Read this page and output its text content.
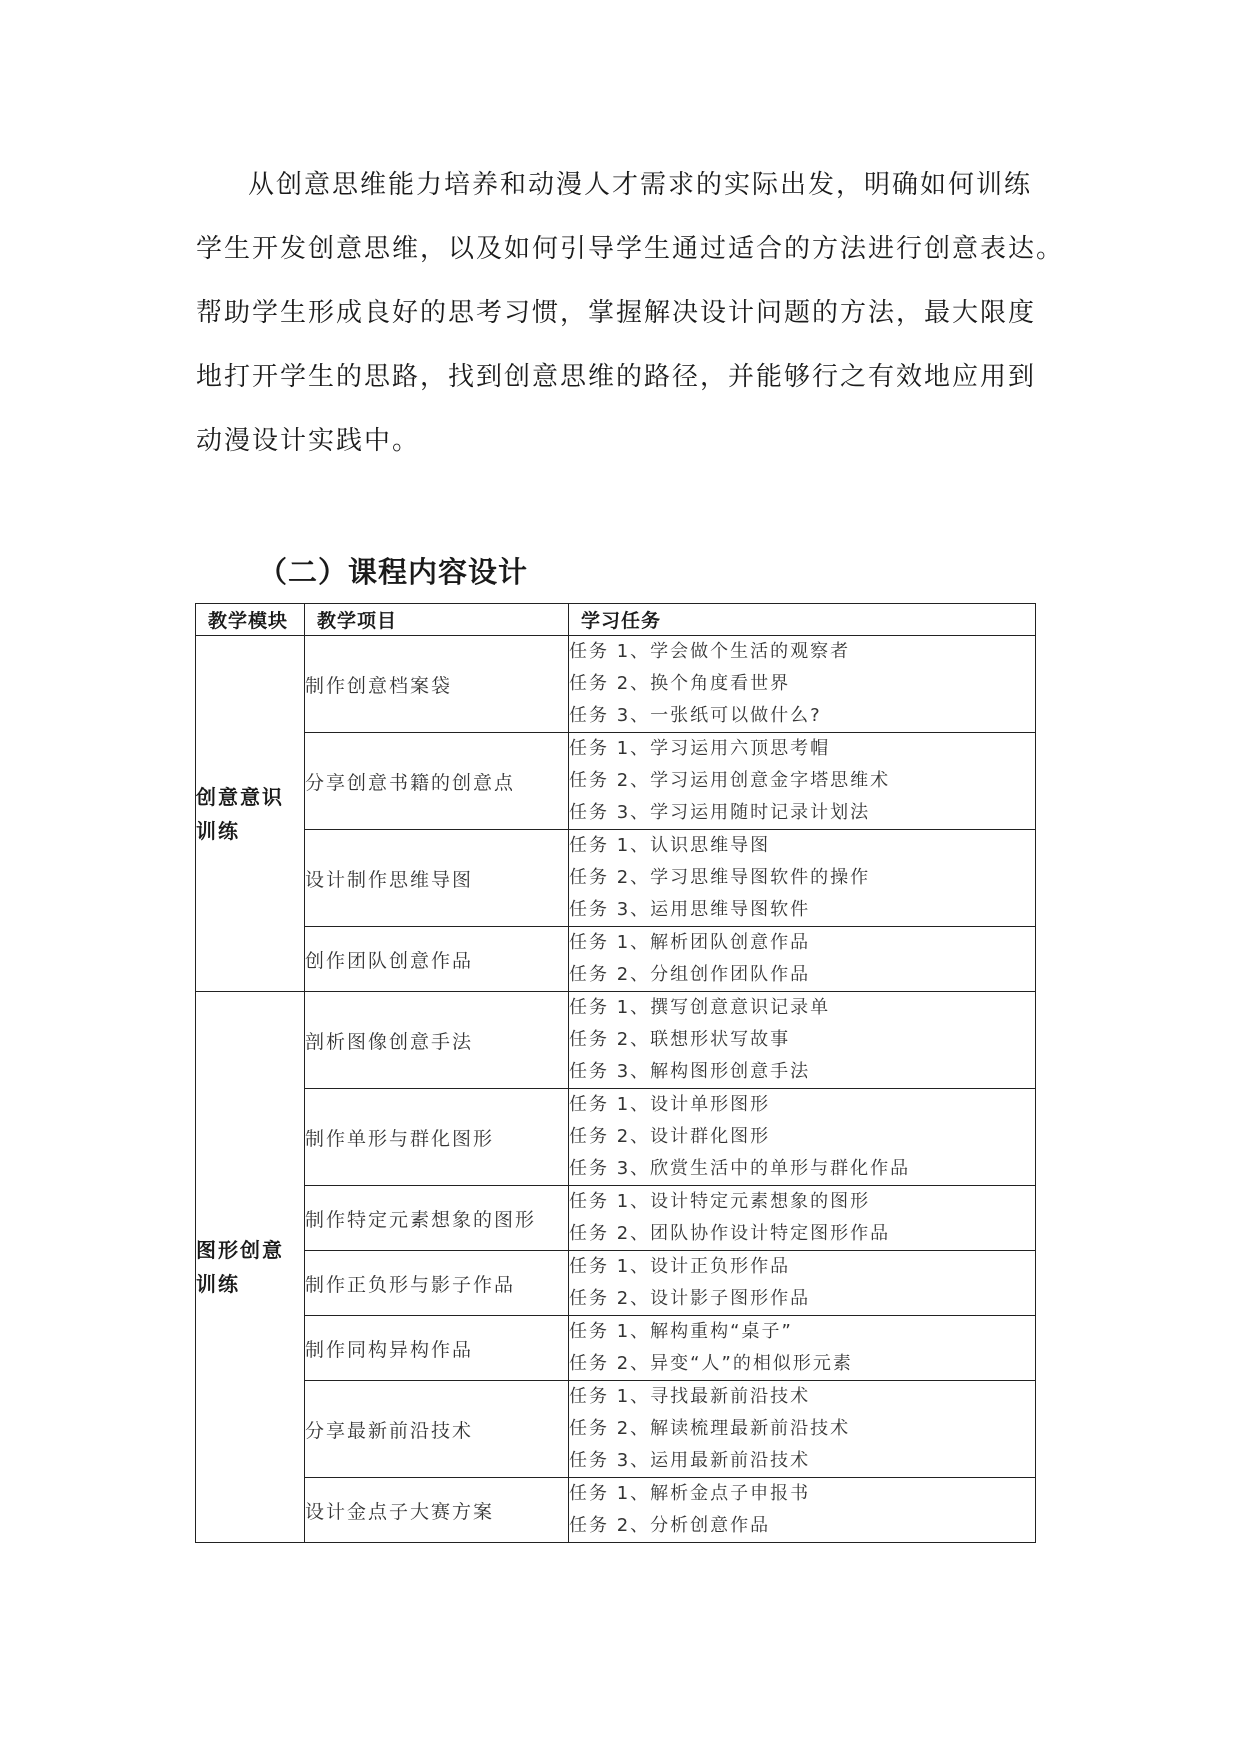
从创意思维能力培养和动漫人才需求的实际出发，明确如何训练
学生开发创意思维，以及如何引导学生通过适合的方法进行创意表达。
帮助学生形成良好的思考习惯，掌握解决设计问题的方法，最大限度
地打开学生的思路，找到创意思维的路径，并能够行之有效地应用到
动漫设计实践中。
（二）课程内容设计
教学模块	教学项目	学习任务
创意意识训练	制作创意档案袋	任务 1、学会做个生活的观察者
任务 2、换个角度看世界
任务 3、一张纸可以做什么?

	分享创意书籍的创意点	任务 1、学习运用六顶思考帽
任务 2、学习运用创意金字塔思维术
任务 3、学习运用随时记录计划法

	设计制作思维导图	任务 1、认识思维导图
任务 2、学习思维导图软件的操作
任务 3、运用思维导图软件

	创作团队创意作品	任务 1、解析团队创意作品
任务 2、分组创作团队作品

图形创意训练	剖析图像创意手法	任务 1、撰写创意意识记录单
任务 2、联想形状写故事
任务 3、解构图形创意手法

	制作单形与群化图形	任务 1、设计单形图形
任务 2、设计群化图形
任务 3、欣赏生活中的单形与群化作品

	制作特定元素想象的图形	任务 1、设计特定元素想象的图形
任务 2、团队协作设计特定图形作品

	制作正负形与影子作品	任务 1、设计正负形作品
任务 2、设计影子图形作品

	制作同构异构作品	任务 1、解构重构“桌子”
任务 2、异变“人”的相似形元素

	分享最新前沿技术	任务 1、寻找最新前沿技术
任务 2、解读梳理最新前沿技术
任务 3、运用最新前沿技术

	设计金点子大赛方案	任务 1、解析金点子申报书
任务 2、分析创意作品
